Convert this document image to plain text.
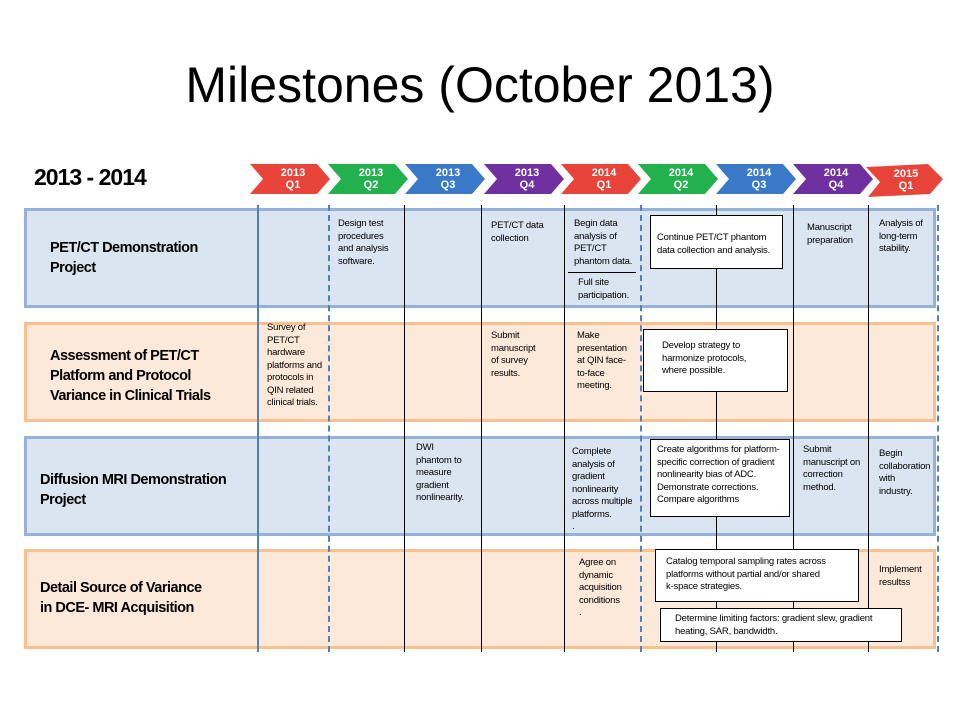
Milestones (October 2013)
2013 - 2014	2013
Q1
2013
Q2
2013
Q3
2013
Q4
2014
Q1
2014
Q2
2014
Q3
2014
Q4
2015
Q1
PET/CT Demonstration
Project
Assessment of PET/CT
Platform and Protocol
Variance in Clinical Trials
Diffusion MRI Demonstration
Project
Detail Source of Variance
in DCE- MRI Acquisition
Design test
procedures
and analysis
software.
PET/CT data
collection
Begin data
analysis of
PET/CT
phantom data.
Full site
participation.
Continue PET/CT phantom
data collection and analysis.
Manuscript
preparation
Analysis of
long-term
stability.
Survey of
PET/CT
hardware
platforms and
protocols in
QIN related
clinical trials.
Submit
manuscript
of survey
results.
Make
presentation
at QIN face-
to-face
meeting.
Develop strategy to
harmonize protocols,
where possible.
DWI
phantom to
measure
gradient
nonlinearity.
Complete
analysis of
gradient
nonlinearity
across multiple
platforms.
.
Create algorithms for platform-
specific correction of gradient
nonlinearity bias of ADC.
Demonstrate corrections.
Compare algorithms
Submit
manuscript on
correction
method.
Begin
collaboration
with
industry.
Agree on
dynamic
acquisition
conditions
.
Catalog temporal sampling rates across
platforms without partial and/or shared
k-space strategies.
Determine limiting factors: gradient slew, gradient
heating, SAR, bandwidth.
Implement
resultss
